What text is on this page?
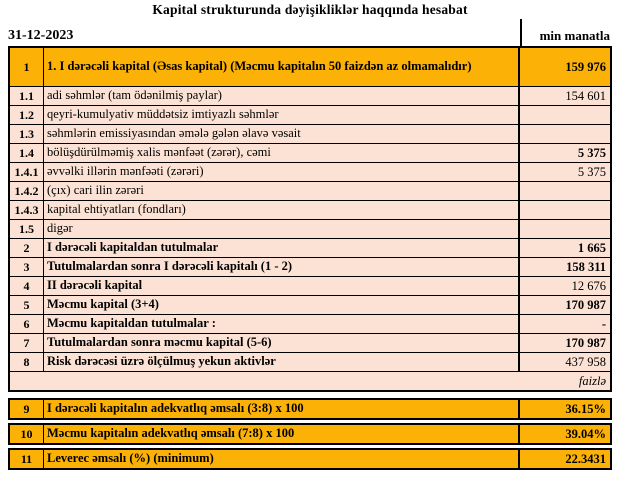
Kapital strukturunda dəyişikliklər haqqında hesabat
31-12-2023	min manatla
1	1. I dərəcəli kapital (Əsas kapital) (Məcmu kapitalın 50 faizdən az olmamalıdır)	159 976
1.1	adi səhmlər (tam ödənilmiş paylar)	154 601
1.2	qeyri-kumulyativ müddətsiz imtiyazlı səhmlər
1.3	səhmlərin emissiyasından əmələ gələn əlavə vəsait
1.4	bölüşdürülməmiş xalis mənfəət (zərər), cəmi	5 375
1.4.1 əvvəlki illərin mənfəəti (zərəri)	5 375
1.4.2 (çıx) cari ilin zərəri
1.4.3 kapital ehtiyatları (fondları)
1.5	digər
2	I dərəcəli kapitaldan tutulmalar	1 665
3	Tutulmalardan sonra I dərəcəli kapitalı (1 - 2)	158 311
4	II dərəcəli kapital	12 676
5	Məcmu kapital (3+4)	170 987
6	Məcmu kapitaldan tutulmalar :	-
7	Tutulmalardan sonra məcmu kapital (5-6)	170 987
8	Risk dərəcəsi üzrə ölçülmuş yekun aktivlər	437 958
faizlə
9	I dərəcəli kapitalın adekvatlıq əmsalı (3:8) x 100	36.15%
10	Məcmu kapitalın adekvatlıq əmsalı (7:8) x 100	39.04%
11	Leverec əmsalı (%) (minimum)	22.3431
